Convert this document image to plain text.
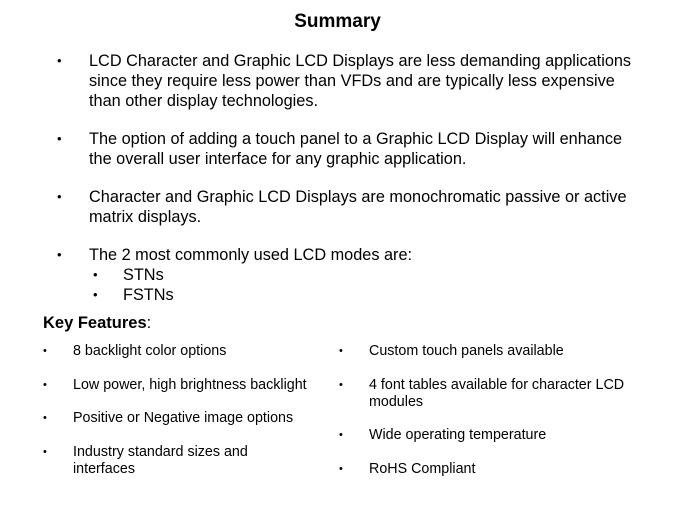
Summary
• LCD Character and Graphic LCD Displays are less demanding applications since they require less power than VFDs and are typically less expensive than other display technologies.
• The option of adding a touch panel to a Graphic LCD Display will enhance the overall user interface for any graphic application.
• Character and Graphic LCD Displays are monochromatic passive or active matrix displays.
• The 2 most commonly used LCD modes are:
• STNs
• FSTNs
Key Features:
• 8 backlight color options
• Low power, high brightness backlight
• Positive or Negative image options
• Industry standard sizes and interfaces
• Custom touch panels available
• 4 font tables available for character LCD modules
• Wide operating temperature
• RoHS Compliant
